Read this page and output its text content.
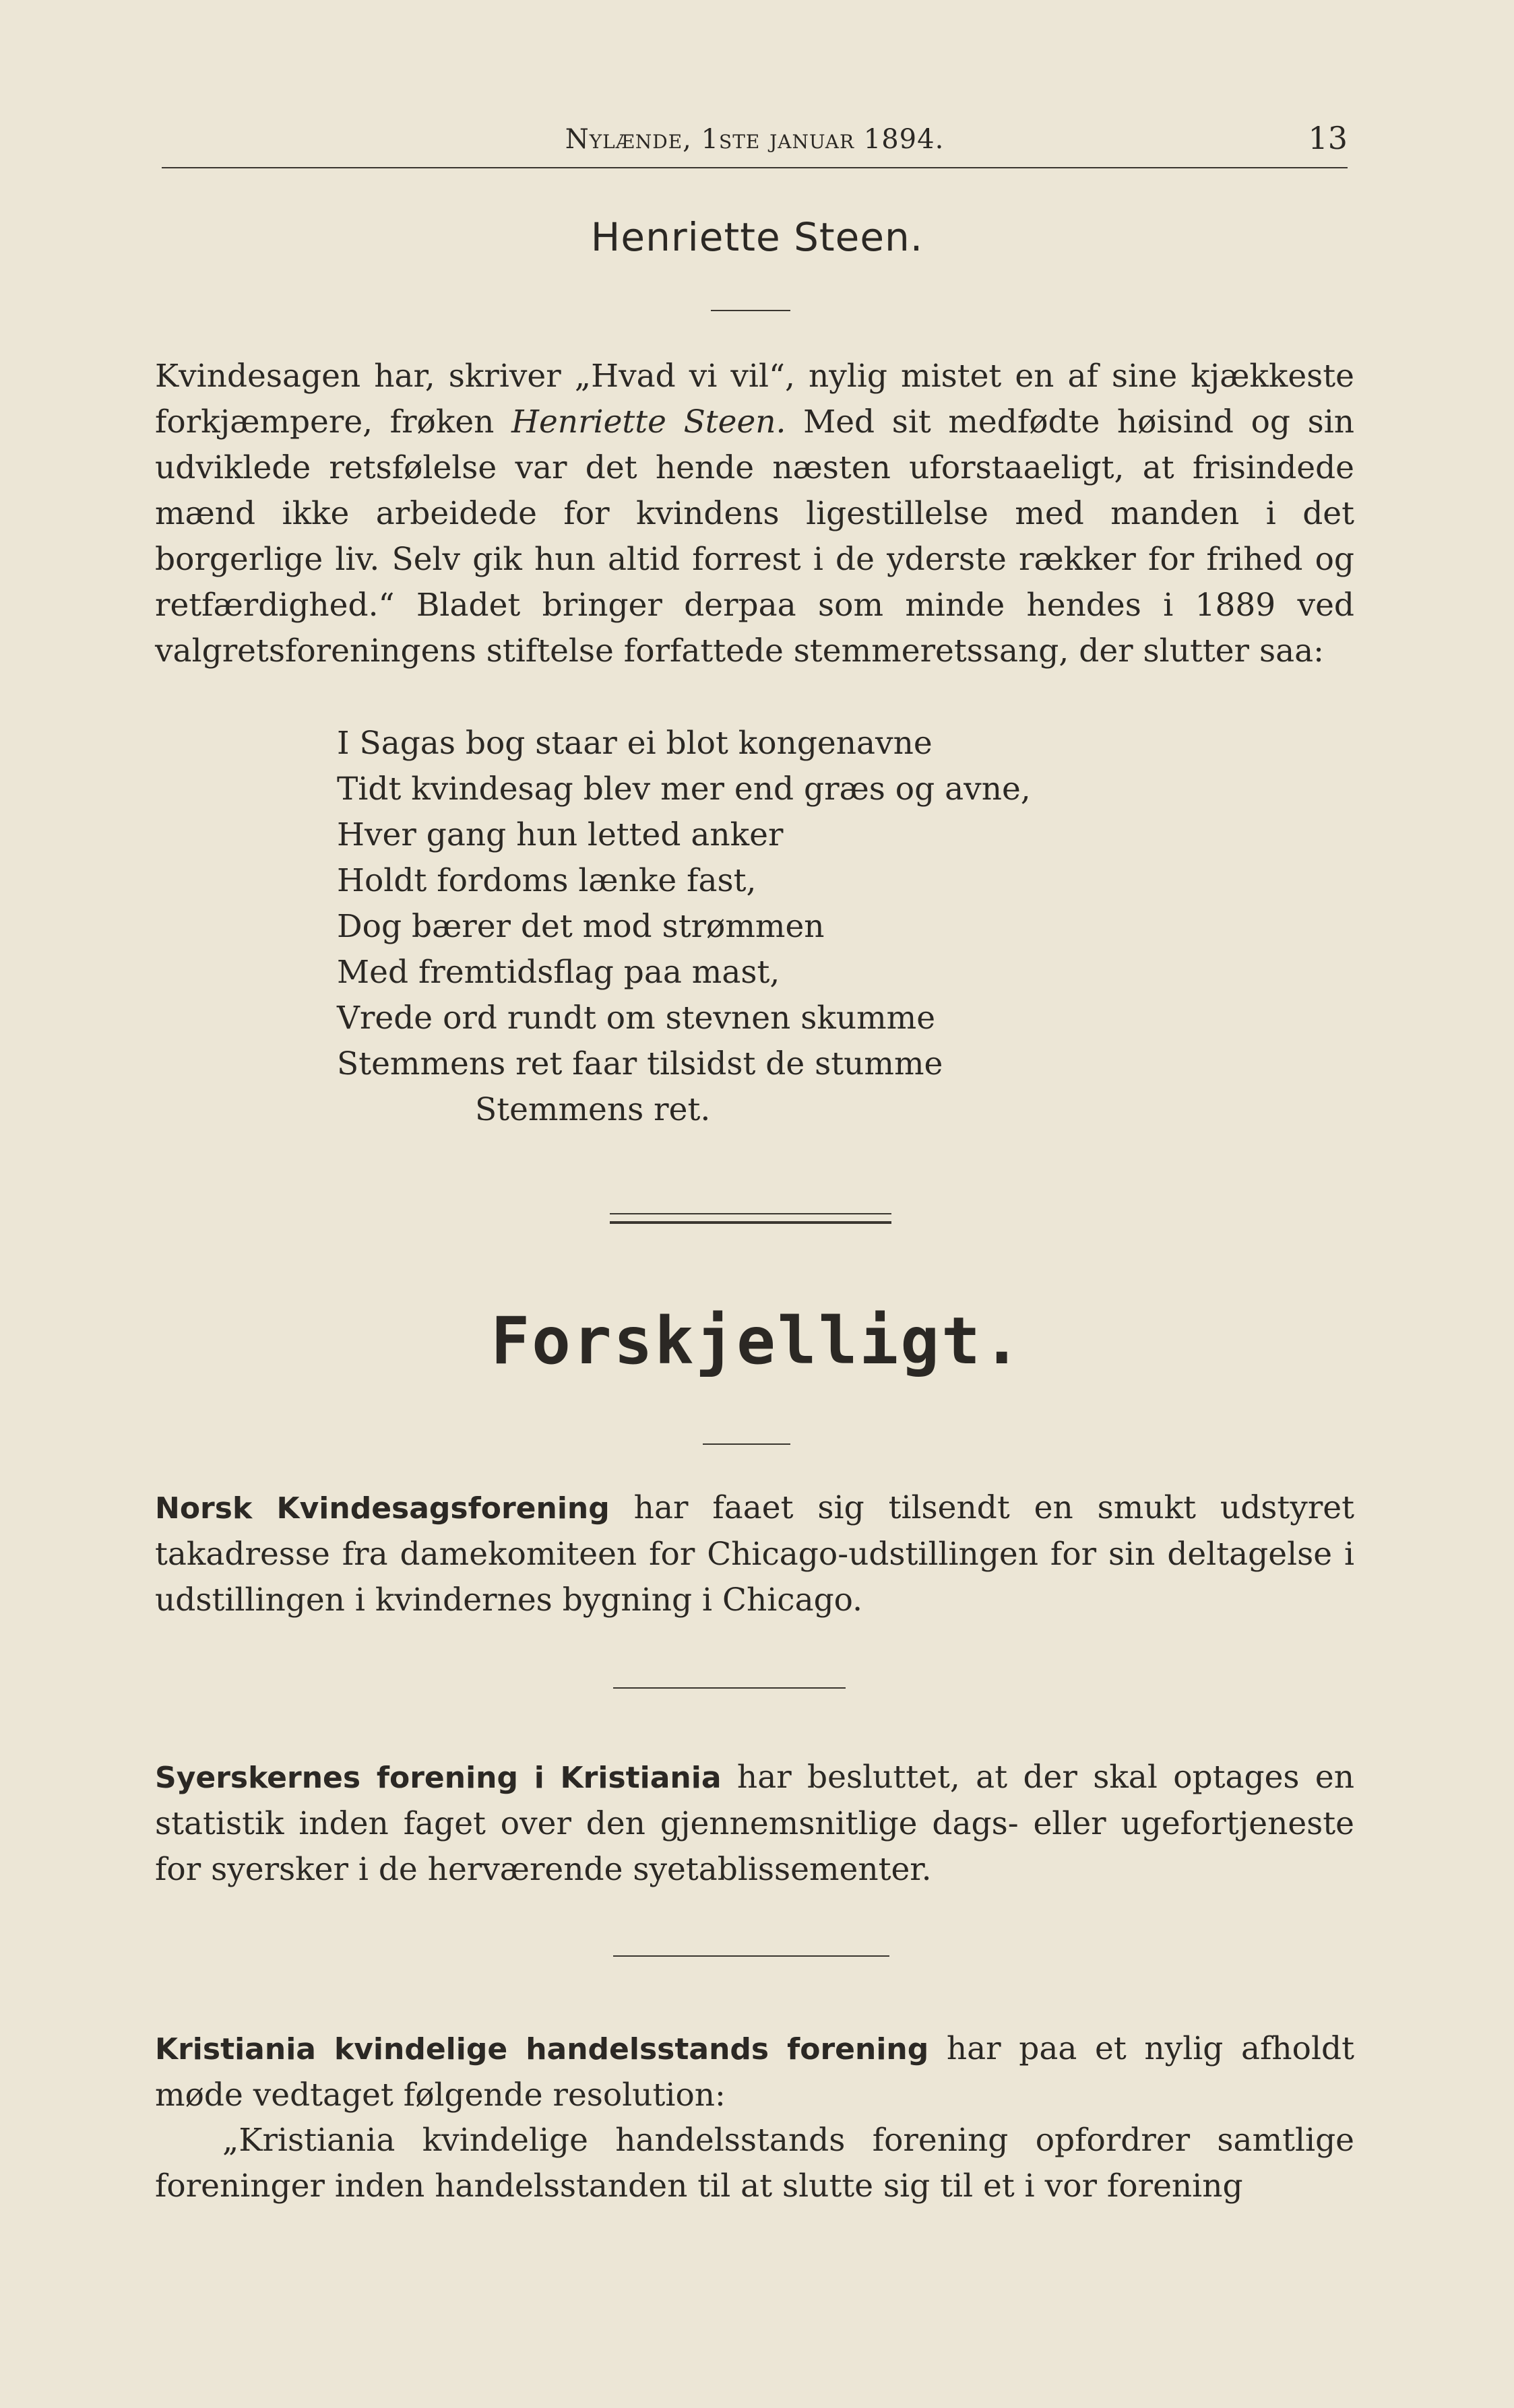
Nylænde, 1ste januar 1894.	13
Henriette Steen.
Kvindesagen har, skriver „Hvad vi vil“, nylig mistet en af sine kjækkeste forkjæmpere, frøken Henriette Steen. Med sit medfødte høisind og sin udviklede retsfølelse var det hende næsten uforstaaeligt, at frisindede mænd ikke arbeidede for kvindens ligestillelse med manden i det borgerlige liv. Selv gik hun altid forrest i de yderste rækker for frihed og retfærdighed.“ Bladet bringer derpaa som minde hendes i 1889 ved valgretsforeningens stiftelse forfattede stemmeretssang, der slutter saa:
I Sagas bog staar ei blot kongenavne
Tidt kvindesag blev mer end græs og avne,
Hver gang hun letted anker
Holdt fordoms lænke fast,
Dog bærer det mod strømmen
Med fremtidsflag paa mast,
Vrede ord rundt om stevnen skumme
Stemmens ret faar tilsidst de stumme
Stemmens ret.
Forskjelligt.
Norsk Kvindesagsforening har faaet sig tilsendt en smukt udstyret takadresse fra damekomiteen for Chicago-udstillingen for sin deltagelse i udstillingen i kvindernes bygning i Chicago.
Syerskernes forening i Kristiania har besluttet, at der skal optages en statistik inden faget over den gjennemsnitlige dags- eller ugefortjeneste for syersker i de herværende syetablissementer.
Kristiania kvindelige handelsstands forening har paa et nylig afholdt møde vedtaget følgende resolution:
„Kristiania kvindelige handelsstands forening opfordrer samtlige foreninger inden handelsstanden til at slutte sig til et i vor forening
